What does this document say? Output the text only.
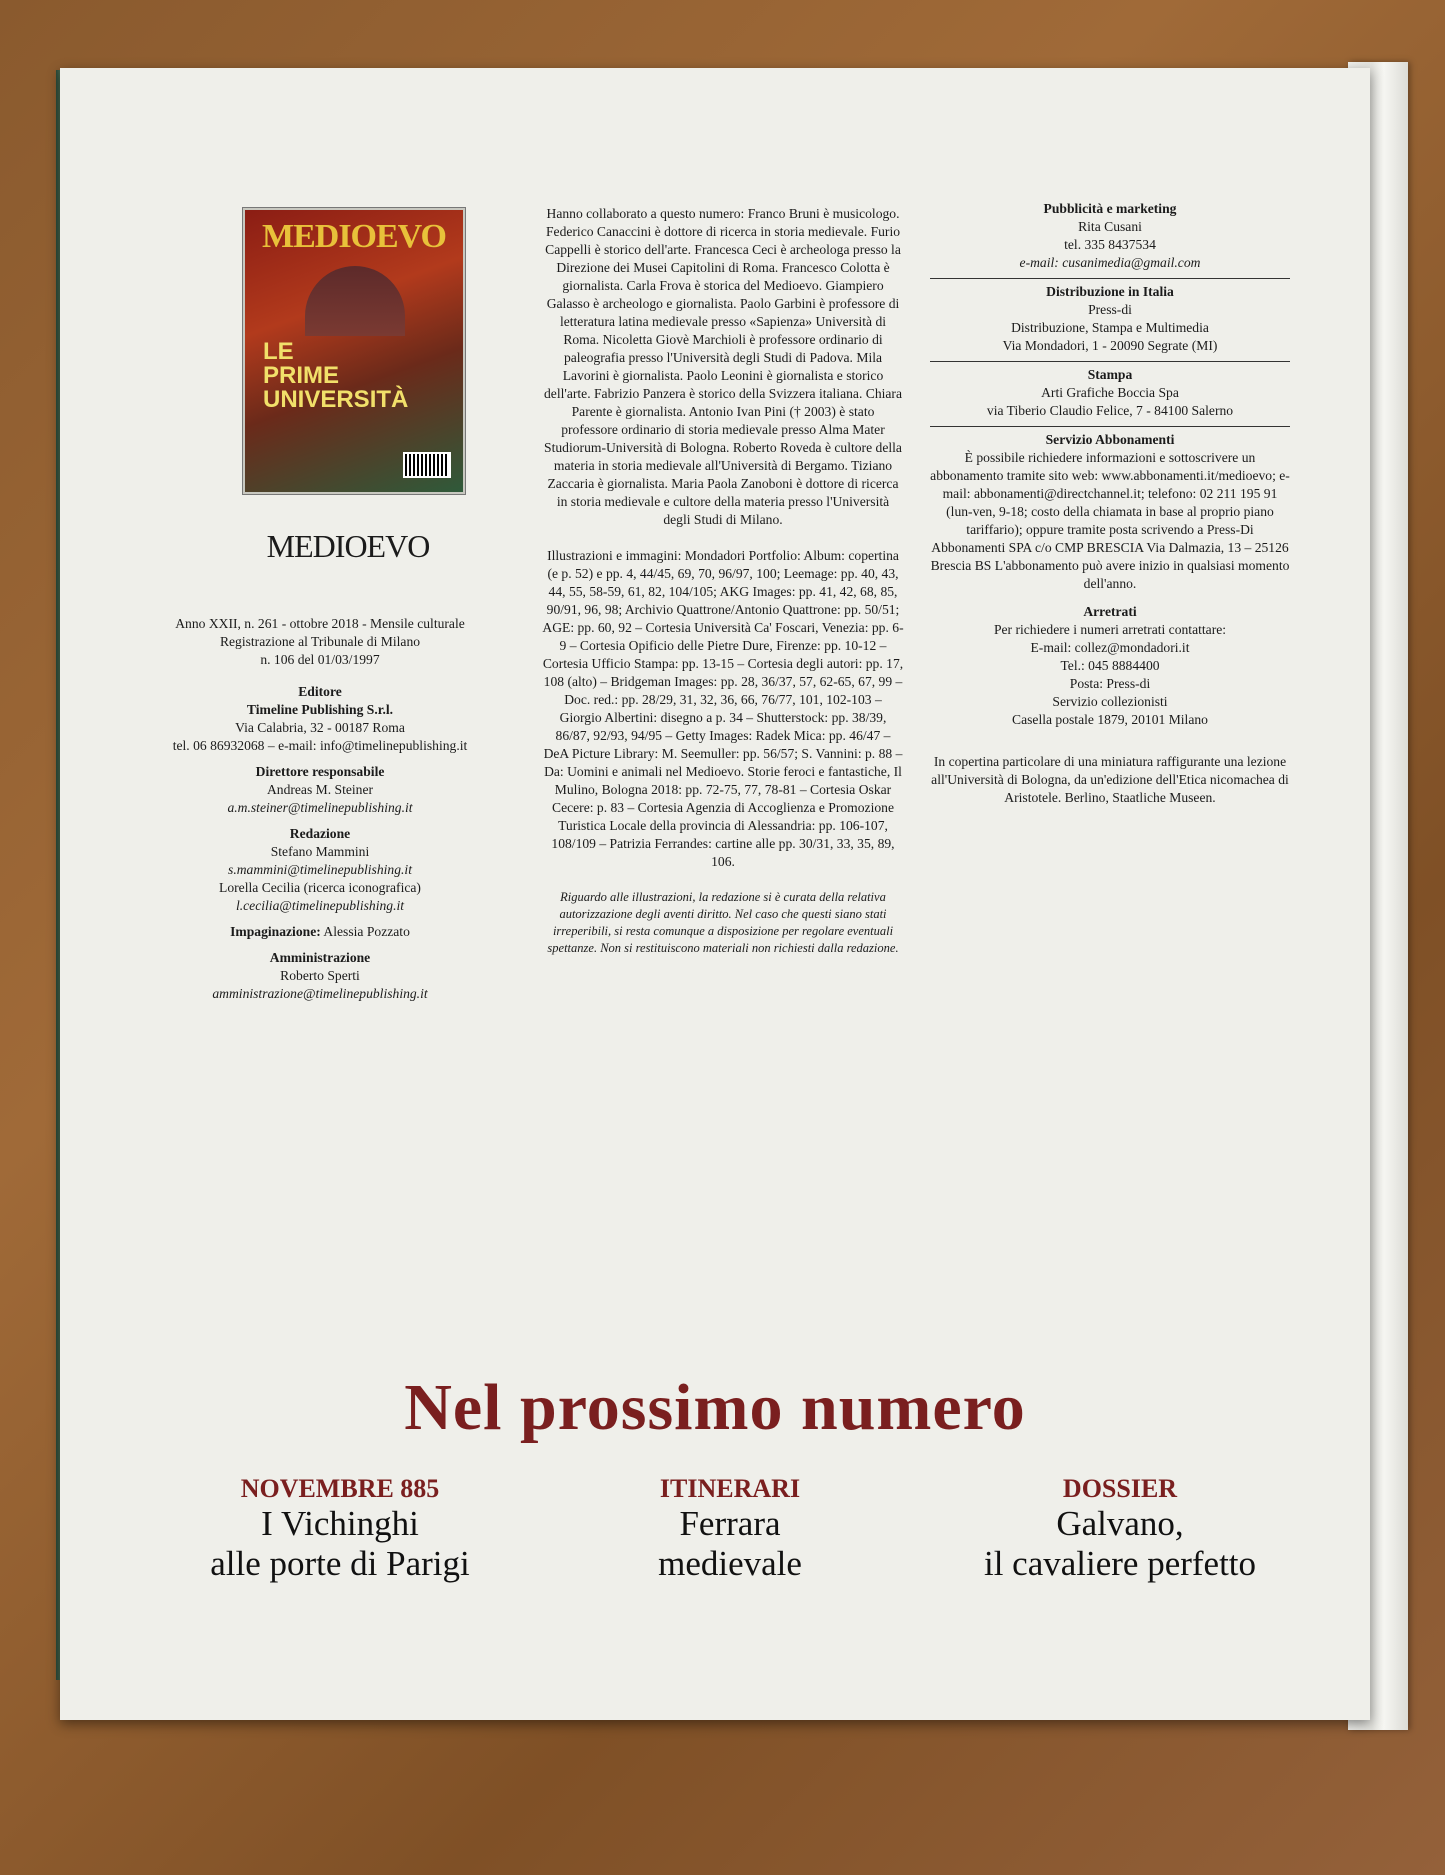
MEDIOEVO
LE
PRIME
UNIVERSITÀ
MEDIOEVO

Anno XXII, n. 261 - ottobre 2018 - Mensile culturale

Registrazione al Tribunale di Milano

n. 106 del 01/03/1997

Editore

Timeline Publishing S.r.l.

Via Calabria, 32 - 00187 Roma

tel. 06 86932068 – e-mail: info@timelinepublishing.it

Direttore responsabile

Andreas M. Steiner

a.m.steiner@timelinepublishing.it

Redazione

Stefano Mammini

s.mammini@timelinepublishing.it

Lorella Cecilia (ricerca iconografica)

l.cecilia@timelinepublishing.it

Impaginazione: Alessia Pozzato

Amministrazione

Roberto Sperti

amministrazione@timelinepublishing.it

Hanno collaborato a questo numero: Franco Bruni è musicologo. Federico Canaccini è dottore di ricerca in storia medievale. Furio Cappelli è storico dell'arte. Francesca Ceci è archeologa presso la Direzione dei Musei Capitolini di Roma. Francesco Colotta è giornalista. Carla Frova è storica del Medioevo. Giampiero Galasso è archeologo e giornalista. Paolo Garbini è professore di letteratura latina medievale presso «Sapienza» Università di Roma. Nicoletta Giovè Marchioli è professore ordinario di paleografia presso l'Università degli Studi di Padova. Mila Lavorini è giornalista. Paolo Leonini è giornalista e storico dell'arte. Fabrizio Panzera è storico della Svizzera italiana. Chiara Parente è giornalista. Antonio Ivan Pini († 2003) è stato professore ordinario di storia medievale presso Alma Mater Studiorum-Università di Bologna. Roberto Roveda è cultore della materia in storia medievale all'Università di Bergamo. Tiziano Zaccaria è giornalista. Maria Paola Zanoboni è dottore di ricerca in storia medievale e cultore della materia presso l'Università degli Studi di Milano.

Illustrazioni e immagini: Mondadori Portfolio: Album: copertina (e p. 52) e pp. 4, 44/45, 69, 70, 96/97, 100; Leemage: pp. 40, 43, 44, 55, 58-59, 61, 82, 104/105; AKG Images: pp. 41, 42, 68, 85, 90/91, 96, 98; Archivio Quattrone/Antonio Quattrone: pp. 50/51; AGE: pp. 60, 92 – Cortesia Università Ca' Foscari, Venezia: pp. 6-9 – Cortesia Opificio delle Pietre Dure, Firenze: pp. 10-12 – Cortesia Ufficio Stampa: pp. 13-15 – Cortesia degli autori: pp. 17, 108 (alto) – Bridgeman Images: pp. 28, 36/37, 57, 62-65, 67, 99 – Doc. red.: pp. 28/29, 31, 32, 36, 66, 76/77, 101, 102-103 – Giorgio Albertini: disegno a p. 34 – Shutterstock: pp. 38/39, 86/87, 92/93, 94/95 – Getty Images: Radek Mica: pp. 46/47 – DeA Picture Library: M. Seemuller: pp. 56/57; S. Vannini: p. 88 – Da: Uomini e animali nel Medioevo. Storie feroci e fantastiche, Il Mulino, Bologna 2018: pp. 72-75, 77, 78-81 – Cortesia Oskar Cecere: p. 83 – Cortesia Agenzia di Accoglienza e Promozione Turistica Locale della provincia di Alessandria: pp. 106-107, 108/109 – Patrizia Ferrandes: cartine alle pp. 30/31, 33, 35, 89, 106.

Riguardo alle illustrazioni, la redazione si è curata della relativa autorizzazione degli aventi diritto. Nel caso che questi siano stati irreperibili, si resta comunque a disposizione per regolare eventuali spettanze. Non si restituiscono materiali non richiesti dalla redazione.

Pubblicità e marketing

Rita Cusani

tel. 335 8437534

e-mail: cusanimedia@gmail.com

Distribuzione in Italia

Press-di

Distribuzione, Stampa e Multimedia

Via Mondadori, 1 - 20090 Segrate (MI)

Stampa

Arti Grafiche Boccia Spa

via Tiberio Claudio Felice, 7 - 84100 Salerno

Servizio Abbonamenti

È possibile richiedere informazioni e sottoscrivere un abbonamento tramite sito web: www.abbonamenti.it/medioevo; e-mail: abbonamenti@directchannel.it; telefono: 02 211 195 91 (lun-ven, 9-18; costo della chiamata in base al proprio piano tariffario); oppure tramite posta scrivendo a Press-Di Abbonamenti SPA c/o CMP BRESCIA Via Dalmazia, 13 – 25126 Brescia BS L'abbonamento può avere inizio in qualsiasi momento dell'anno.

Arretrati

Per richiedere i numeri arretrati contattare:

E-mail: collez@mondadori.it

Tel.: 045 8884400

Posta: Press-di

Servizio collezionisti

Casella postale 1879, 20101 Milano

In copertina particolare di una miniatura raffigurante una lezione all'Università di Bologna, da un'edizione dell'Etica nicomachea di Aristotele. Berlino, Staatliche Museen.

Nel prossimo numero
NOVEMBRE 885
I Vichinghi
alle porte di Parigi
ITINERARI
Ferrara
medievale
DOSSIER
Galvano,
il cavaliere perfetto
